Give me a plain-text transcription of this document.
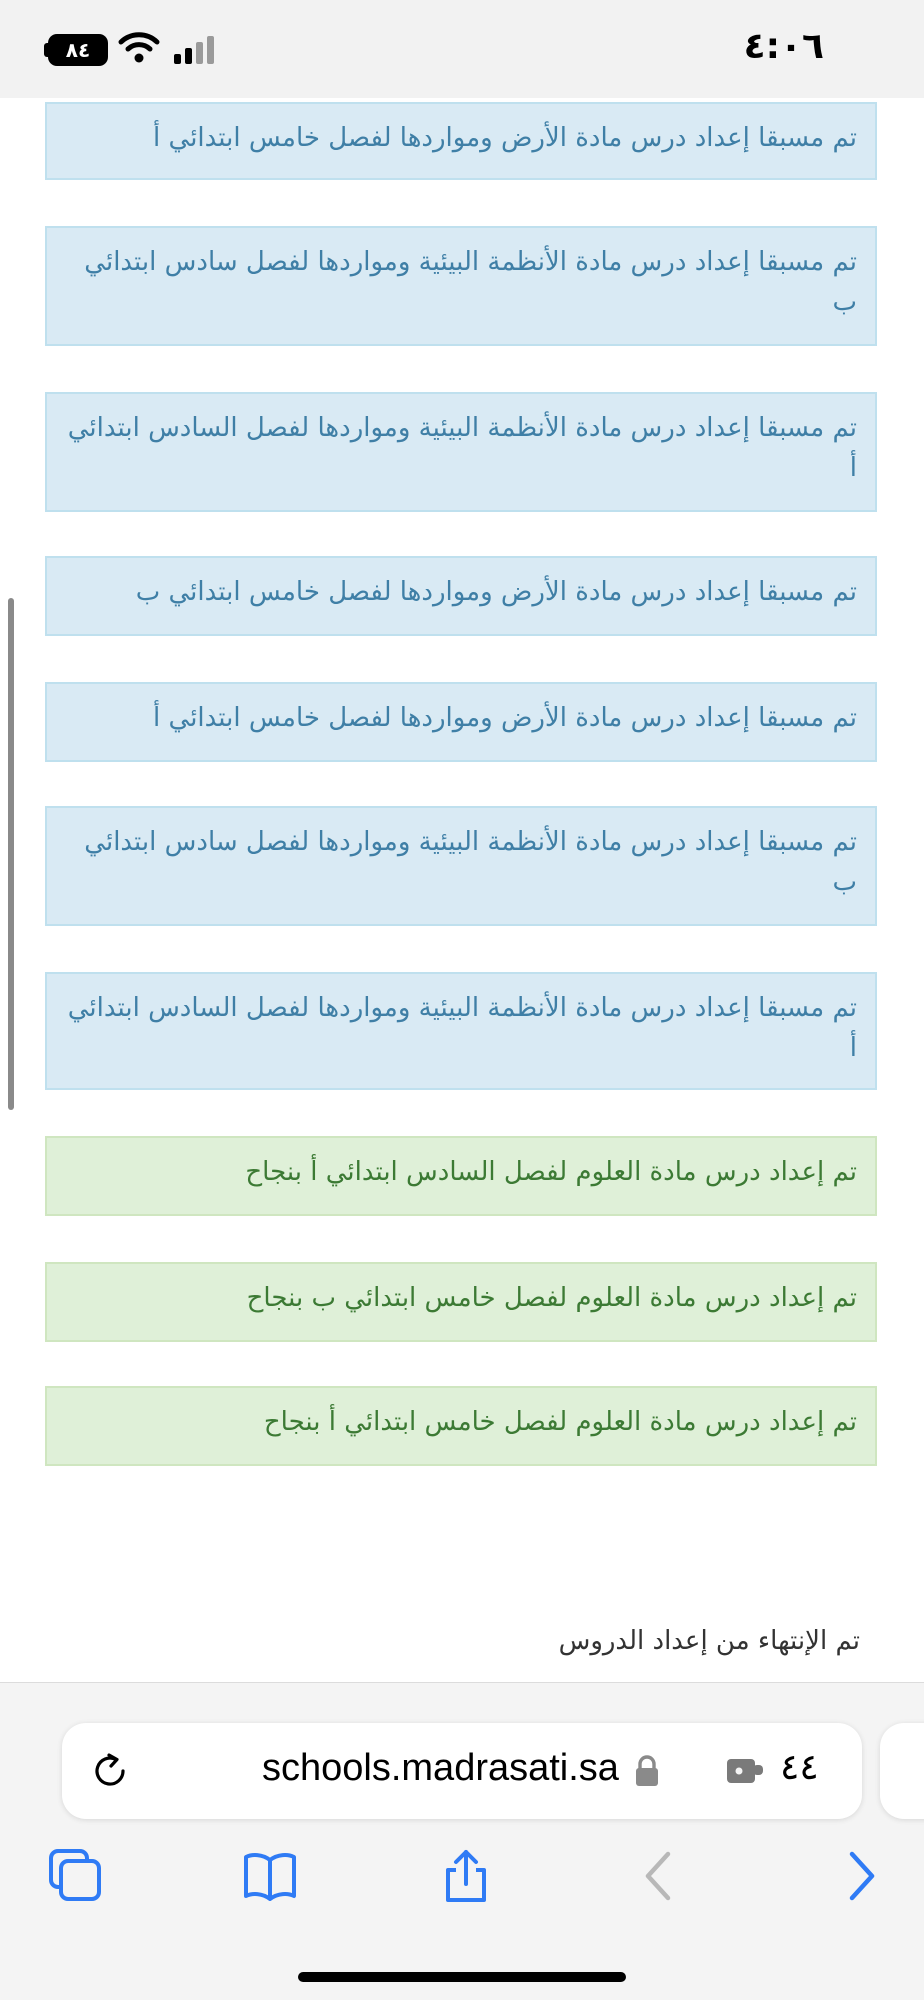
٨٤	٤:٠٦
تم مسبقا إعداد درس مادة الأرض ومواردها لفصل خامس ابتدائي أ
تم مسبقا إعداد درس مادة الأنظمة البيئية ومواردها لفصل سادس ابتدائي ب
تم مسبقا إعداد درس مادة الأنظمة البيئية ومواردها لفصل السادس ابتدائي أ
تم مسبقا إعداد درس مادة الأرض ومواردها لفصل خامس ابتدائي ب
تم مسبقا إعداد درس مادة الأرض ومواردها لفصل خامس ابتدائي أ
تم مسبقا إعداد درس مادة الأنظمة البيئية ومواردها لفصل سادس ابتدائي ب
تم مسبقا إعداد درس مادة الأنظمة البيئية ومواردها لفصل السادس ابتدائي أ
تم إعداد درس مادة العلوم لفصل السادس ابتدائي أ بنجاح
تم إعداد درس مادة العلوم لفصل خامس ابتدائي ب بنجاح
تم إعداد درس مادة العلوم لفصل خامس ابتدائي أ بنجاح
تم الإنتهاء من إعداد الدروس
schools.madrasati.sa	٤٤
